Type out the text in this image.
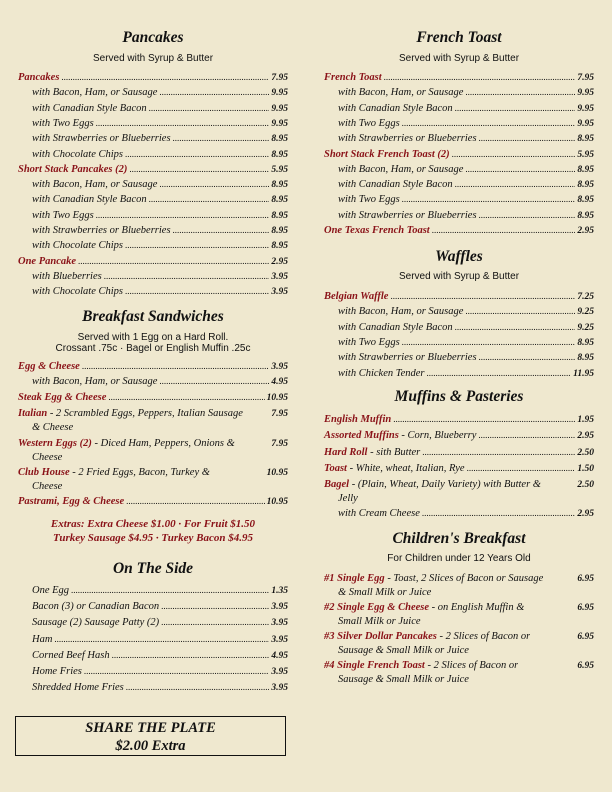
Pancakes
Served with Syrup & Butter
Pancakes .....	7.95
with Bacon, Ham, or Sausage .....	9.95
with Canadian Style Bacon .....	9.95
with Two Eggs .....	9.95
with Strawberries or Blueberries .....	8.95
with Chocolate Chips .....	8.95
Short Stack Pancakes (2) .....	5.95
with Bacon, Ham, or Sausage .....	8.95
with Canadian Style Bacon .....	8.95
with Two Eggs .....	8.95
with Strawberries or Blueberries .....	8.95
with Chocolate Chips .....	8.95
One Pancake .....	2.95
with Blueberries .....	3.95
with Chocolate Chips .....	3.95
Breakfast Sandwiches
Served with 1 Egg on a Hard Roll.
Crossant .75c · Bagel or English Muffin .25c
Egg & Cheese .....	3.95
with Bacon, Ham, or Sausage .....	4.95
Steak Egg & Cheese .....	10.95
Italian - 2 Scrambled Eggs, Peppers, Italian Sausage	7.95
& Cheese
Western Eggs (2) - Diced Ham, Peppers, Onions &	7.95
Cheese
Club House - 2 Fried Eggs, Bacon, Turkey &	10.95
Cheese
Pastrami, Egg & Cheese .....	10.95
Extras: Extra Cheese $1.00 · For Fruit $1.50
Turkey Sausage $4.95 · Turkey Bacon $4.95
On The Side
One Egg .....	1.35
Bacon (3) or Canadian Bacon .....	3.95
Sausage (2) Sausage Patty (2) .....	3.95
Ham .....	3.95
Corned Beef Hash .....	4.95
Home Fries .....	3.95
Shredded Home Fries .....	3.95
SHARE THE PLATE
$2.00 Extra
French Toast
Served with Syrup & Butter
French Toast .....	7.95
with Bacon, Ham, or Sausage .....	9.95
with Canadian Style Bacon .....	9.95
with Two Eggs .....	9.95
with Strawberries or Blueberries .....	8.95
Short Stack French Toast (2) .....	5.95
with Bacon, Ham, or Sausage .....	8.95
with Canadian Style Bacon .....	8.95
with Two Eggs .....	8.95
with Strawberries or Blueberries .....	8.95
One Texas French Toast .....	2.95
Waffles
Served with Syrup & Butter
Belgian Waffle .....	7.25
with Bacon, Ham, or Sausage .....	9.25
with Canadian Style Bacon .....	9.25
with Two Eggs .....	8.95
with Strawberries or Blueberries .....	8.95
with Chicken Tender .....	11.95
Muffins & Pasteries
English Muffin .....	1.95
Assorted Muffins - Corn, Blueberry .....	2.95
Hard Roll - sith Butter .....	2.50
Toast - White, wheat, Italian, Rye .....	1.50
Bagel - (Plain, Wheat, Daily Variety) with Butter &	2.50
Jelly
with Cream Cheese .....	2.95
Children's Breakfast
For Children under 12 Years Old
#1 Single Egg - Toast, 2 Slices of Bacon or Sausage	6.95
& Small Milk or Juice
#2 Single Egg & Cheese - on English Muffin &	6.95
Small Milk or Juice
#3 Silver Dollar Pancakes - 2 Slices of Bacon or	6.95
Sausage & Small Milk or Juice
#4 Single French Toast - 2 Slices of Bacon or	6.95
Sausage & Small Milk or Juice
